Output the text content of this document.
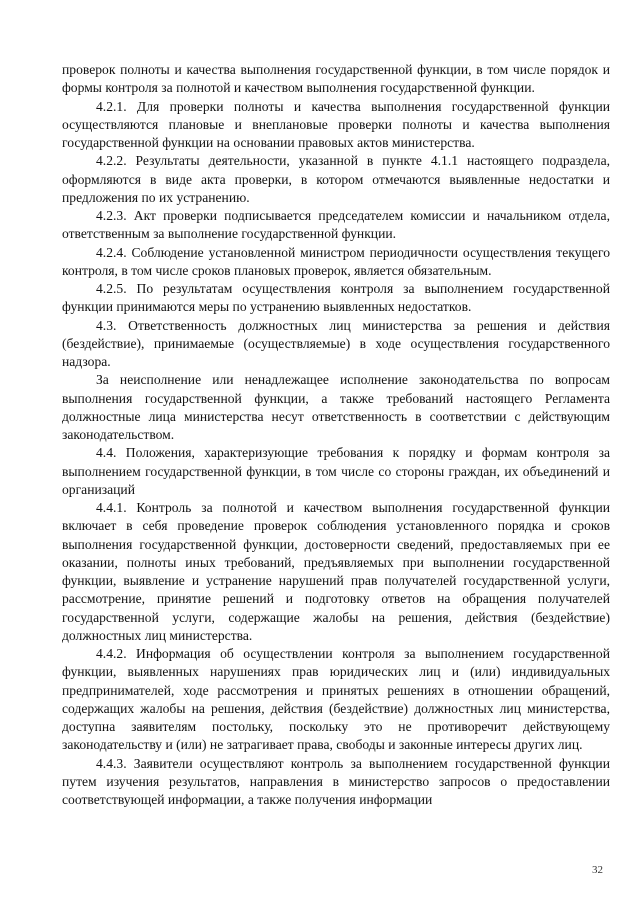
проверок полноты и качества выполнения государственной функции, в том числе порядок и формы контроля за полнотой и качеством выполнения государственной функции.

4.2.1. Для проверки полноты и качества выполнения государственной функции осуществляются плановые и внеплановые проверки полноты и качества выполнения государственной функции на основании правовых актов министерства.

4.2.2. Результаты деятельности, указанной в пункте 4.1.1 настоящего подраздела, оформляются в виде акта проверки, в котором отмечаются выявленные недостатки и предложения по их устранению.

4.2.3. Акт проверки подписывается председателем комиссии и начальником отдела, ответственным за выполнение государственной функции.

4.2.4. Соблюдение установленной министром периодичности осуществления текущего контроля, в том числе сроков плановых проверок, является обязательным.

4.2.5. По результатам осуществления контроля за выполнением государственной функции принимаются меры по устранению выявленных недостатков.

4.3. Ответственность должностных лиц министерства за решения и действия (бездействие), принимаемые (осуществляемые) в ходе осуществления государственного надзора.

За неисполнение или ненадлежащее исполнение законодательства по вопросам выполнения государственной функции, а также требований настоящего Регламента должностные лица министерства несут ответственность в соответствии с действующим законодательством.

4.4. Положения, характеризующие требования к порядку и формам контроля за выполнением государственной функции, в том числе со стороны граждан, их объединений и организаций

4.4.1. Контроль за полнотой и качеством выполнения государственной функции включает в себя проведение проверок соблюдения установленного порядка и сроков выполнения государственной функции, достоверности сведений, предоставляемых при ее оказании, полноты иных требований, предъявляемых при выполнении государственной функции, выявление и устранение нарушений прав получателей государственной услуги, рассмотрение, принятие решений и подготовку ответов на обращения получателей государственной услуги, содержащие жалобы на решения, действия (бездействие) должностных лиц министерства.

4.4.2. Информация об осуществлении контроля за выполнением государственной функции, выявленных нарушениях прав юридических лиц и (или) индивидуальных предпринимателей, ходе рассмотрения и принятых решениях в отношении обращений, содержащих жалобы на решения, действия (бездействие) должностных лиц министерства, доступна заявителям постольку, поскольку это не противоречит действующему законодательству и (или) не затрагивает права, свободы и законные интересы других лиц.

4.4.3. Заявители осуществляют контроль за выполнением государственной функции путем изучения результатов, направления в министерство запросов о предоставлении соответствующей информации, а также получения информации

32
